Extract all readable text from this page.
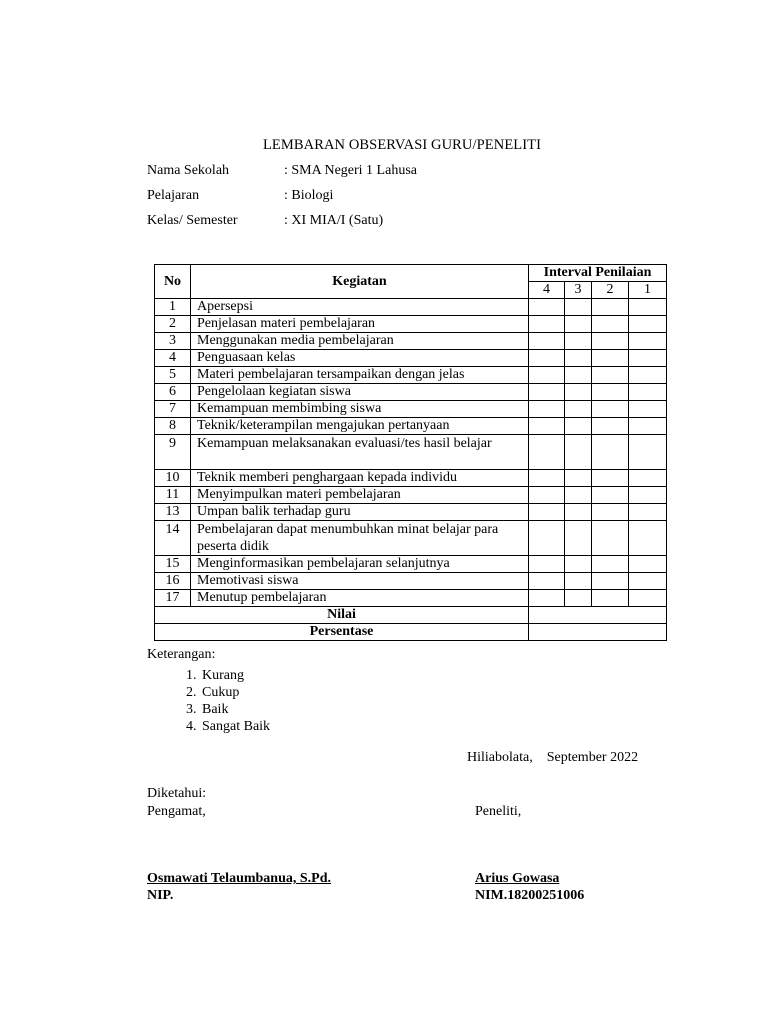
LEMBARAN OBSERVASI GURU/PENELITI
Nama Sekolah	: SMA Negeri 1 Lahusa
Pelajaran	: Biologi
Kelas/ Semester	: XI MIA/I (Satu)
No	Kegiatan	Interval Penilaian			
		4	3	2	1
1	Apersepsi				
2	Penjelasan materi pembelajaran				
3	Menggunakan media pembelajaran				
4	Penguasaan kelas				
5	Materi pembelajaran tersampaikan dengan jelas				
6	Pengelolaan kegiatan siswa				
7	Kemampuan membimbing siswa				
8	Teknik/keterampilan mengajukan pertanyaan				
9	Kemampuan melaksanakan evaluasi/tes hasil belajar				
10	Teknik memberi penghargaan kepada individu				
11	Menyimpulkan materi pembelajaran				
13	Umpan balik terhadap guru				
14	Pembelajaran dapat menumbuhkan minat belajar para peserta didik				
15	Menginformasikan pembelajaran selanjutnya				
16	Memotivasi siswa				
17	Menutup pembelajaran				
Nilai					
Persentase					
Keterangan:
1. Kurang
2. Cukup
3. Baik
4. Sangat Baik
Hiliabolata,    September 2022
Diketahui:
Pengamat,	Peneliti,
Osmawati Telaumbanua, S.Pd.
NIP.
Arius Gowasa
NIM.18200251006
